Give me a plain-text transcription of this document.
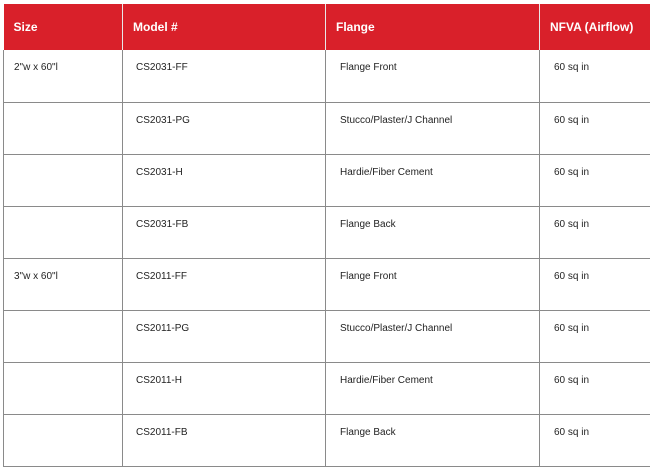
Size	Model #	Flange	NFVA (Airflow)
2"w x 60"l	CS2031-FF	Flange Front	60 sq in
	CS2031-PG	Stucco/Plaster/J Channel	60 sq in
	CS2031-H	Hardie/Fiber Cement	60 sq in
	CS2031-FB	Flange Back	60 sq in
3"w x 60"l	CS2011-FF	Flange Front	60 sq in
	CS2011-PG	Stucco/Plaster/J Channel	60 sq in
	CS2011-H	Hardie/Fiber Cement	60 sq in
	CS2011-FB	Flange Back	60 sq in
